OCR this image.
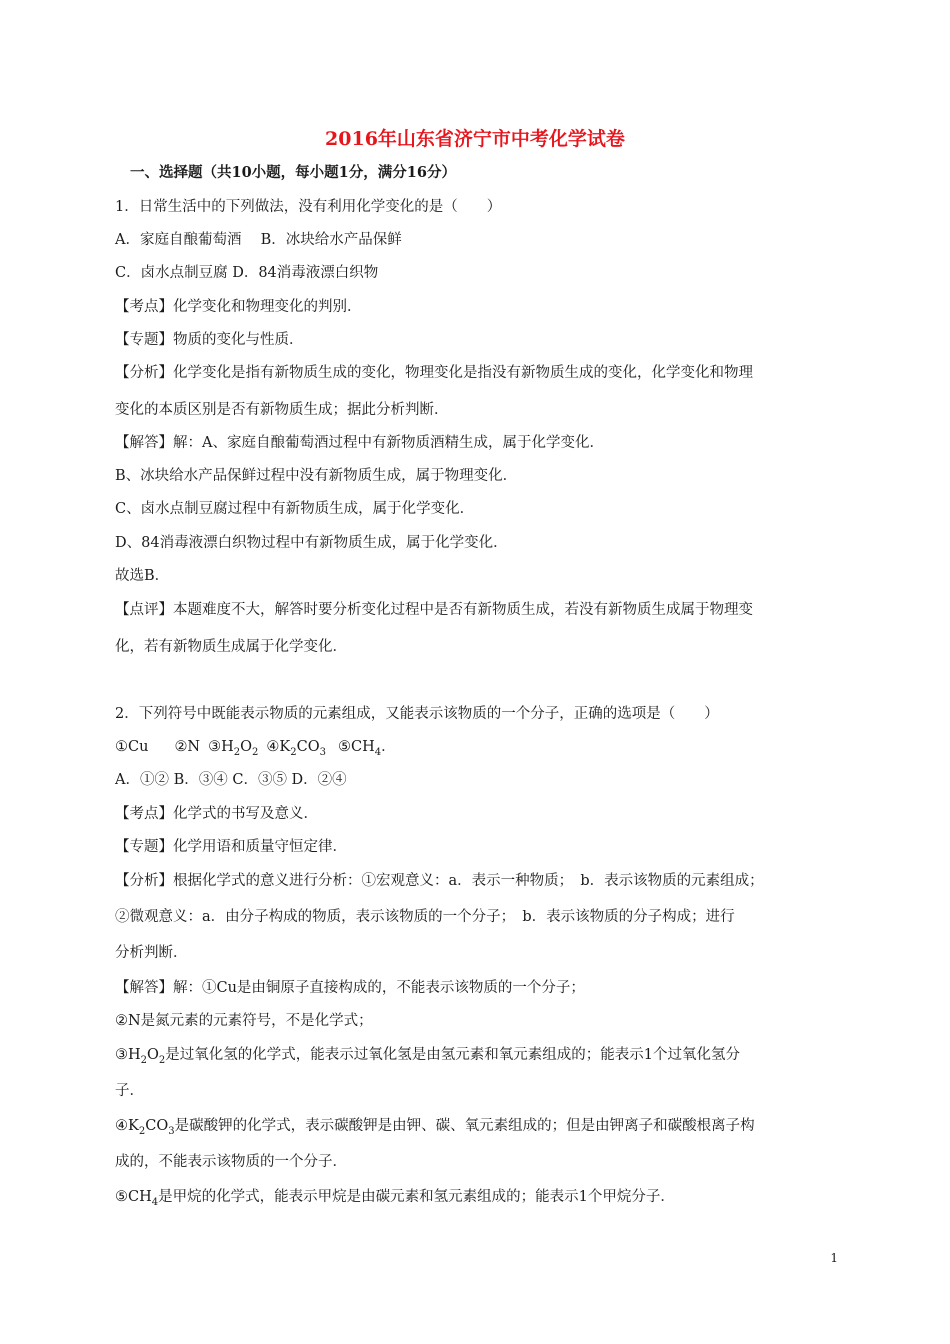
2016年山东省济宁市中考化学试卷
一、选择题（共10小题，每小题1分，满分16分）
1．日常生活中的下列做法，没有利用化学变化的是（　　）
A．家庭自酿葡萄酒　 B．冰块给水产品保鲜
C．卤水点制豆腐 D．84消毒液漂白织物
【考点】化学变化和物理变化的判别．
【专题】物质的变化与性质．
【分析】化学变化是指有新物质生成的变化，物理变化是指没有新物质生成的变化，化学变化和物理
变化的本质区别是否有新物质生成；据此分析判断．
【解答】解：A、家庭自酿葡萄酒过程中有新物质酒精生成，属于化学变化．
B、冰块给水产品保鲜过程中没有新物质生成，属于物理变化．
C、卤水点制豆腐过程中有新物质生成，属于化学变化．
D、84消毒液漂白织物过程中有新物质生成，属于化学变化．
故选B．
【点评】本题难度不大，解答时要分析变化过程中是否有新物质生成，若没有新物质生成属于物理变
化，若有新物质生成属于化学变化．
2．下列符号中既能表示物质的元素组成，又能表示该物质的一个分子，正确的选项是（　　）
①Cu ②N $③H_2O_2$ $④K_2CO_3$ $⑤CH_4$．
A．①② B．③④ C．③⑤ D．②④
【考点】化学式的书写及意义．
【专题】化学用语和质量守恒定律．
【分析】根据化学式的意义进行分析：①宏观意义：a．表示一种物质；　b．表示该物质的元素组成；
②微观意义：a．由分子构成的物质，表示该物质的一个分子；　b．表示该物质的分子构成；进行
分析判断．
【解答】解：①Cu是由铜原子直接构成的，不能表示该物质的一个分子；
②N是氮元素的元素符号，不是化学式；
$③H_2O_2$是过氧化氢的化学式，能表示过氧化氢是由氢元素和氧元素组成的；能表示1个过氧化氢分
子．
$④K_2CO_3$是碳酸钾的化学式，表示碳酸钾是由钾、碳、氧元素组成的；但是由钾离子和碳酸根离子构
成的，不能表示该物质的一个分子．
$⑤CH_4$是甲烷的化学式，能表示甲烷是由碳元素和氢元素组成的；能表示1个甲烷分子．
1
